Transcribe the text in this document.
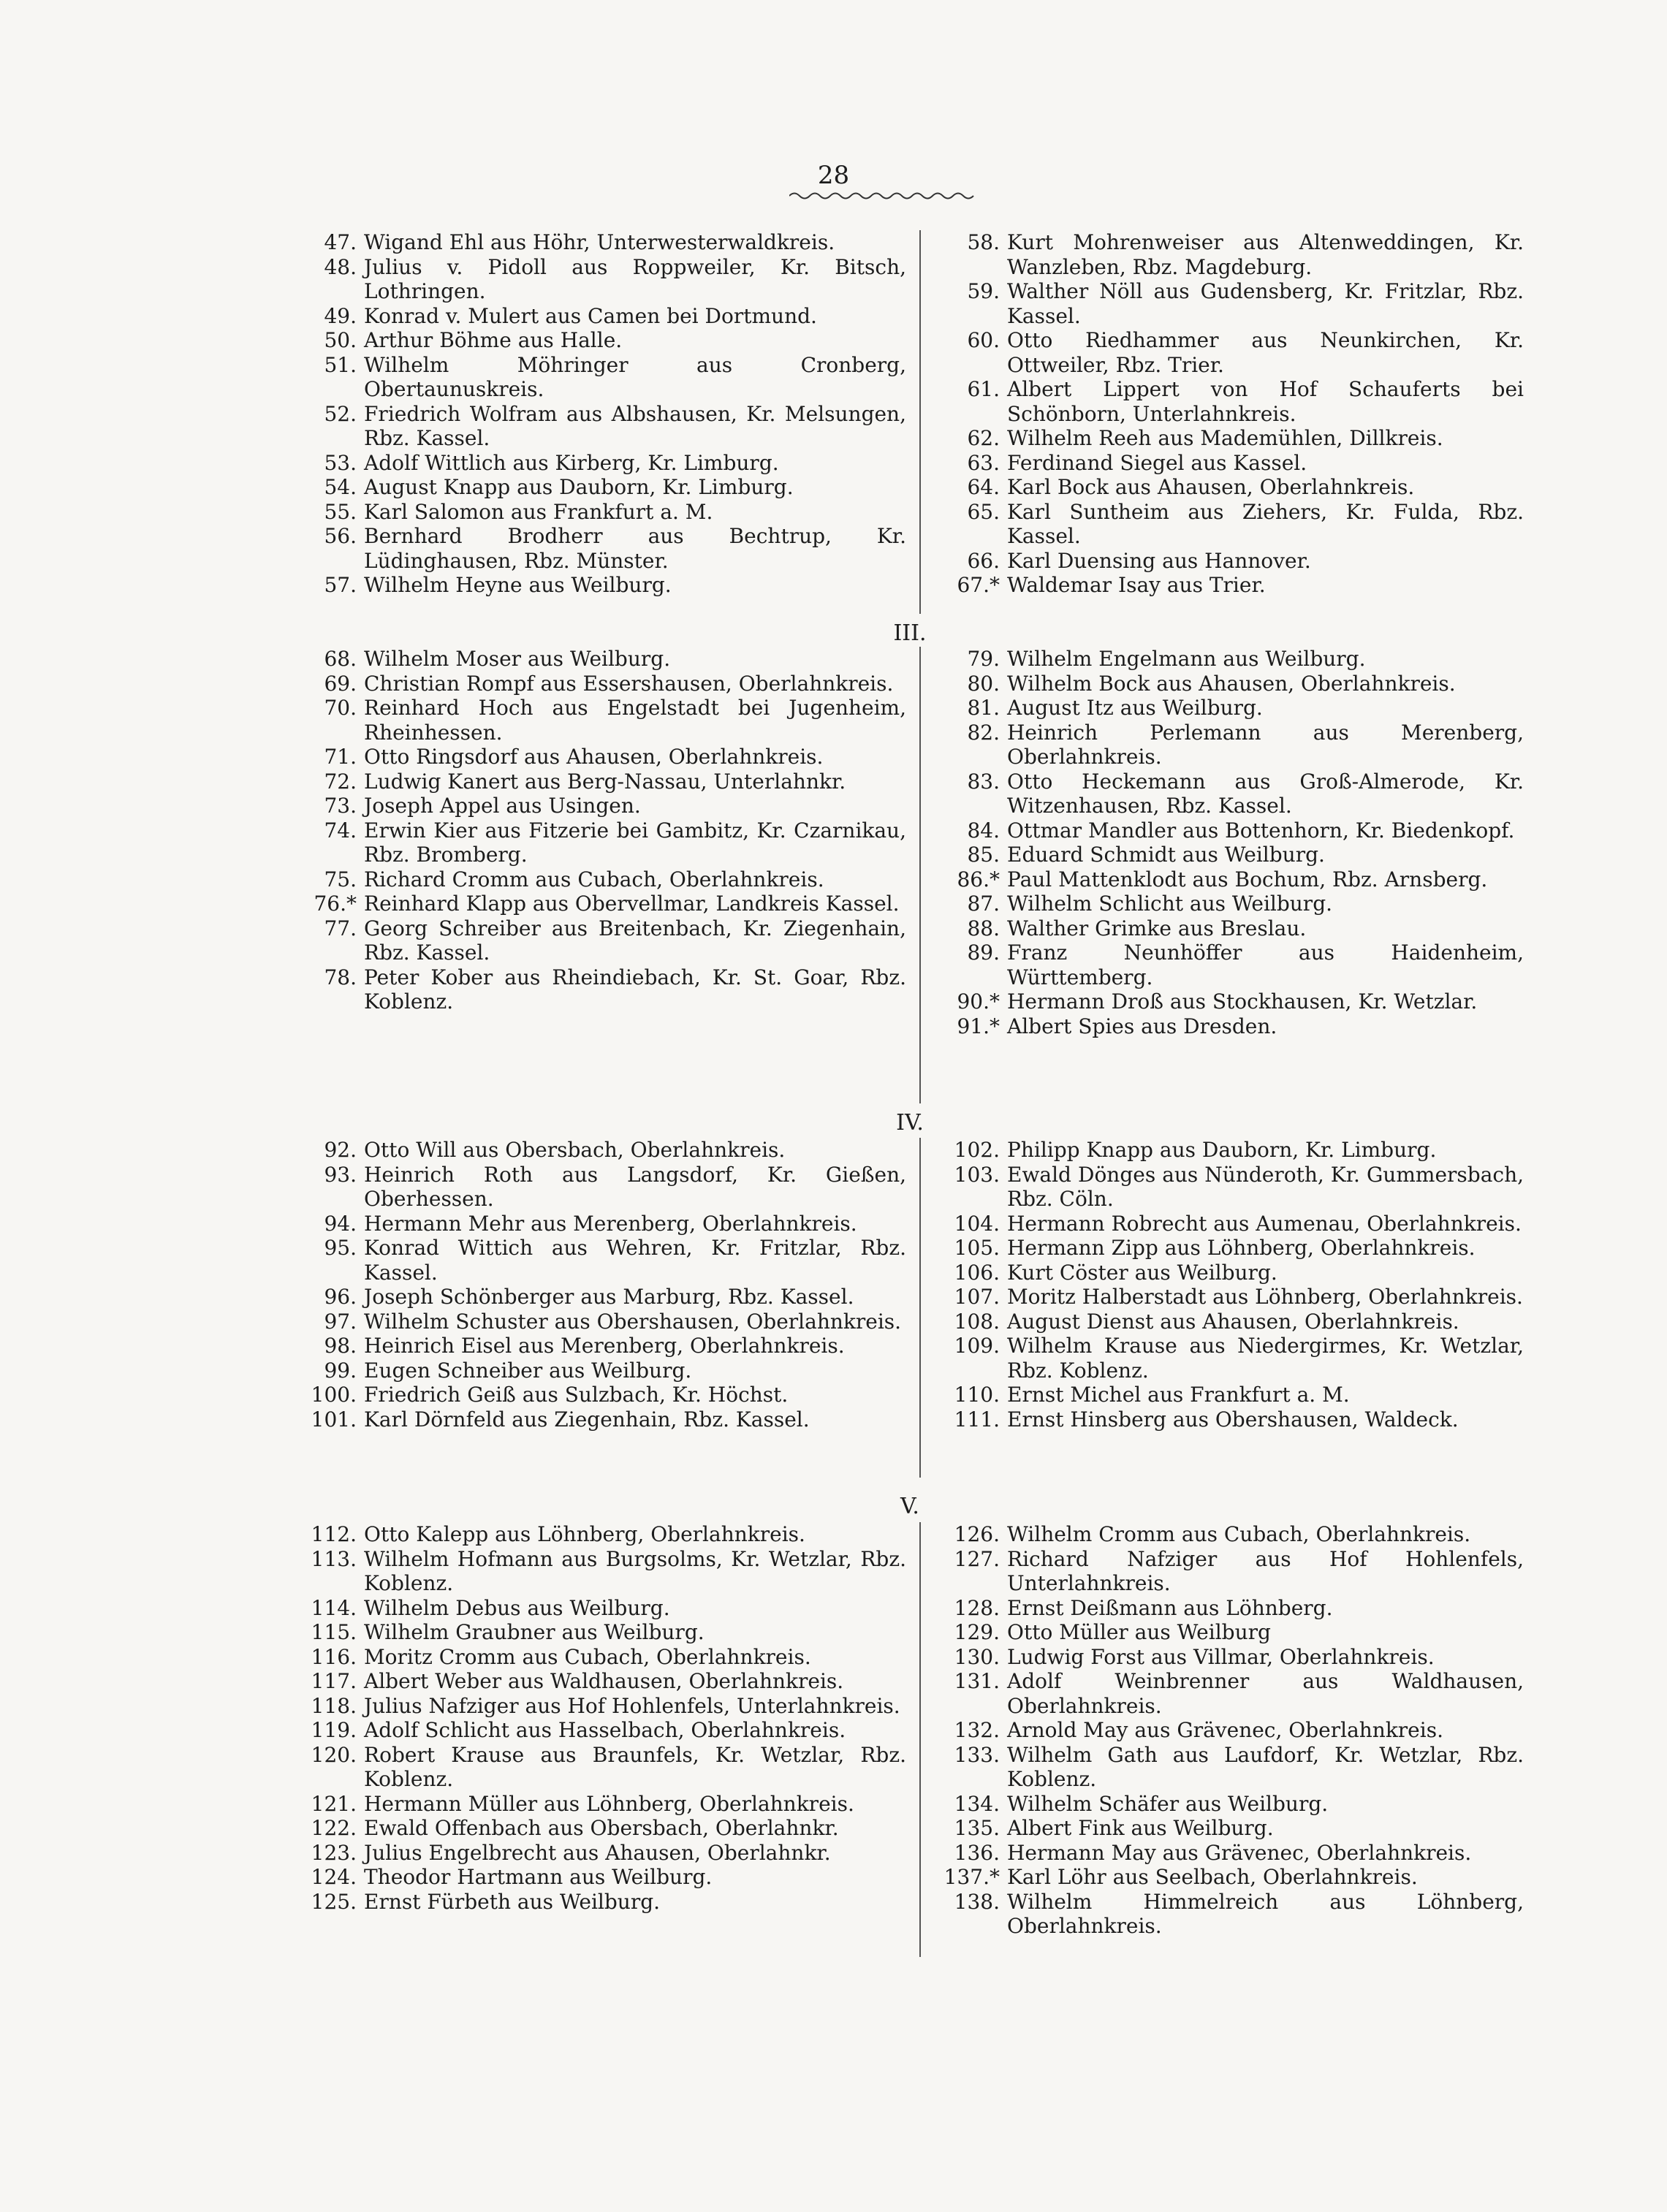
28
47. Wigand Ehl aus Höhr, Unterwesterwaldkreis.
48. Julius v. Pidoll aus Roppweiler, Kr. Bitsch, Lothringen.
49. Konrad v. Mulert aus Camen bei Dortmund.
50. Arthur Böhme aus Halle.
51. Wilhelm Möhringer aus Cronberg, Obertaunuskreis.
52. Friedrich Wolfram aus Albshausen, Kr. Melsungen, Rbz. Kassel.
53. Adolf Wittlich aus Kirberg, Kr. Limburg.
54. August Knapp aus Dauborn, Kr. Limburg.
55. Karl Salomon aus Frankfurt a. M.
56. Bernhard Brodherr aus Bechtrup, Kr. Lüdinghausen, Rbz. Münster.
57. Wilhelm Heyne aus Weilburg.
58. Kurt Mohrenweiser aus Altenweddingen, Kr. Wanzleben, Rbz. Magdeburg.
59. Walther Nöll aus Gudensberg, Kr. Fritzlar, Rbz. Kassel.
60. Otto Riedhammer aus Neunkirchen, Kr. Ottweiler, Rbz. Trier.
61. Albert Lippert von Hof Schauferts bei Schönborn, Unterlahnkreis.
62. Wilhelm Reeh aus Mademühlen, Dillkreis.
63. Ferdinand Siegel aus Kassel.
64. Karl Bock aus Ahausen, Oberlahnkreis.
65. Karl Suntheim aus Ziehers, Kr. Fulda, Rbz. Kassel.
66. Karl Duensing aus Hannover.
67.* Waldemar Isay aus Trier.
III.
68. Wilhelm Moser aus Weilburg.
69. Christian Rompf aus Essershausen, Oberlahnkreis.
70. Reinhard Hoch aus Engelstadt bei Jugenheim, Rheinhessen.
71. Otto Ringsdorf aus Ahausen, Oberlahnkreis.
72. Ludwig Kanert aus Berg-Nassau, Unterlahnkr.
73. Joseph Appel aus Usingen.
74. Erwin Kier aus Fitzerie bei Gambitz, Kr. Czarnikau, Rbz. Bromberg.
75. Richard Cromm aus Cubach, Oberlahnkreis.
76.* Reinhard Klapp aus Obervellmar, Landkreis Kassel.
77. Georg Schreiber aus Breitenbach, Kr. Ziegenhain, Rbz. Kassel.
78. Peter Kober aus Rheindiebach, Kr. St. Goar, Rbz. Koblenz.
79. Wilhelm Engelmann aus Weilburg.
80. Wilhelm Bock aus Ahausen, Oberlahnkreis.
81. August Itz aus Weilburg.
82. Heinrich Perlemann aus Merenberg, Oberlahnkreis.
83. Otto Heckemann aus Groß-Almerode, Kr. Witzenhausen, Rbz. Kassel.
84. Ottmar Mandler aus Bottenhorn, Kr. Biedenkopf.
85. Eduard Schmidt aus Weilburg.
86.* Paul Mattenklodt aus Bochum, Rbz. Arnsberg.
87. Wilhelm Schlicht aus Weilburg.
88. Walther Grimke aus Breslau.
89. Franz Neunhöffer aus Haidenheim, Württemberg.
90.* Hermann Droß aus Stockhausen, Kr. Wetzlar.
91.* Albert Spies aus Dresden.
IV.
92. Otto Will aus Obersbach, Oberlahnkreis.
93. Heinrich Roth aus Langsdorf, Kr. Gießen, Oberhessen.
94. Hermann Mehr aus Merenberg, Oberlahnkreis.
95. Konrad Wittich aus Wehren, Kr. Fritzlar, Rbz. Kassel.
96. Joseph Schönberger aus Marburg, Rbz. Kassel.
97. Wilhelm Schuster aus Obershausen, Oberlahnkreis.
98. Heinrich Eisel aus Merenberg, Oberlahnkreis.
99. Eugen Schneiber aus Weilburg.
100. Friedrich Geiß aus Sulzbach, Kr. Höchst.
101. Karl Dörnfeld aus Ziegenhain, Rbz. Kassel.
102. Philipp Knapp aus Dauborn, Kr. Limburg.
103. Ewald Dönges aus Nünderoth, Kr. Gummersbach, Rbz. Cöln.
104. Hermann Robrecht aus Aumenau, Oberlahnkreis.
105. Hermann Zipp aus Löhnberg, Oberlahnkreis.
106. Kurt Cöster aus Weilburg.
107. Moritz Halberstadt aus Löhnberg, Oberlahnkreis.
108. August Dienst aus Ahausen, Oberlahnkreis.
109. Wilhelm Krause aus Niedergirmes, Kr. Wetzlar, Rbz. Koblenz.
110. Ernst Michel aus Frankfurt a. M.
111. Ernst Hinsberg aus Obershausen, Waldeck.
V.
112. Otto Kalepp aus Löhnberg, Oberlahnkreis.
113. Wilhelm Hofmann aus Burgsolms, Kr. Wetzlar, Rbz. Koblenz.
114. Wilhelm Debus aus Weilburg.
115. Wilhelm Graubner aus Weilburg.
116. Moritz Cromm aus Cubach, Oberlahnkreis.
117. Albert Weber aus Waldhausen, Oberlahnkreis.
118. Julius Nafziger aus Hof Hohlenfels, Unterlahnkreis.
119. Adolf Schlicht aus Hasselbach, Oberlahnkreis.
120. Robert Krause aus Braunfels, Kr. Wetzlar, Rbz. Koblenz.
121. Hermann Müller aus Löhnberg, Oberlahnkreis.
122. Ewald Offenbach aus Obersbach, Oberlahnkr.
123. Julius Engelbrecht aus Ahausen, Oberlahnkr.
124. Theodor Hartmann aus Weilburg.
125. Ernst Fürbeth aus Weilburg.
126. Wilhelm Cromm aus Cubach, Oberlahnkreis.
127. Richard Nafziger aus Hof Hohlenfels, Unterlahnkreis.
128. Ernst Deißmann aus Löhnberg.
129. Otto Müller aus Weilburg
130. Ludwig Forst aus Villmar, Oberlahnkreis.
131. Adolf Weinbrenner aus Waldhausen, Oberlahnkreis.
132. Arnold May aus Grävenec, Oberlahnkreis.
133. Wilhelm Gath aus Laufdorf, Kr. Wetzlar, Rbz. Koblenz.
134. Wilhelm Schäfer aus Weilburg.
135. Albert Fink aus Weilburg.
136. Hermann May aus Grävenec, Oberlahnkreis.
137.* Karl Löhr aus Seelbach, Oberlahnkreis.
138. Wilhelm Himmelreich aus Löhnberg, Oberlahnkreis.
